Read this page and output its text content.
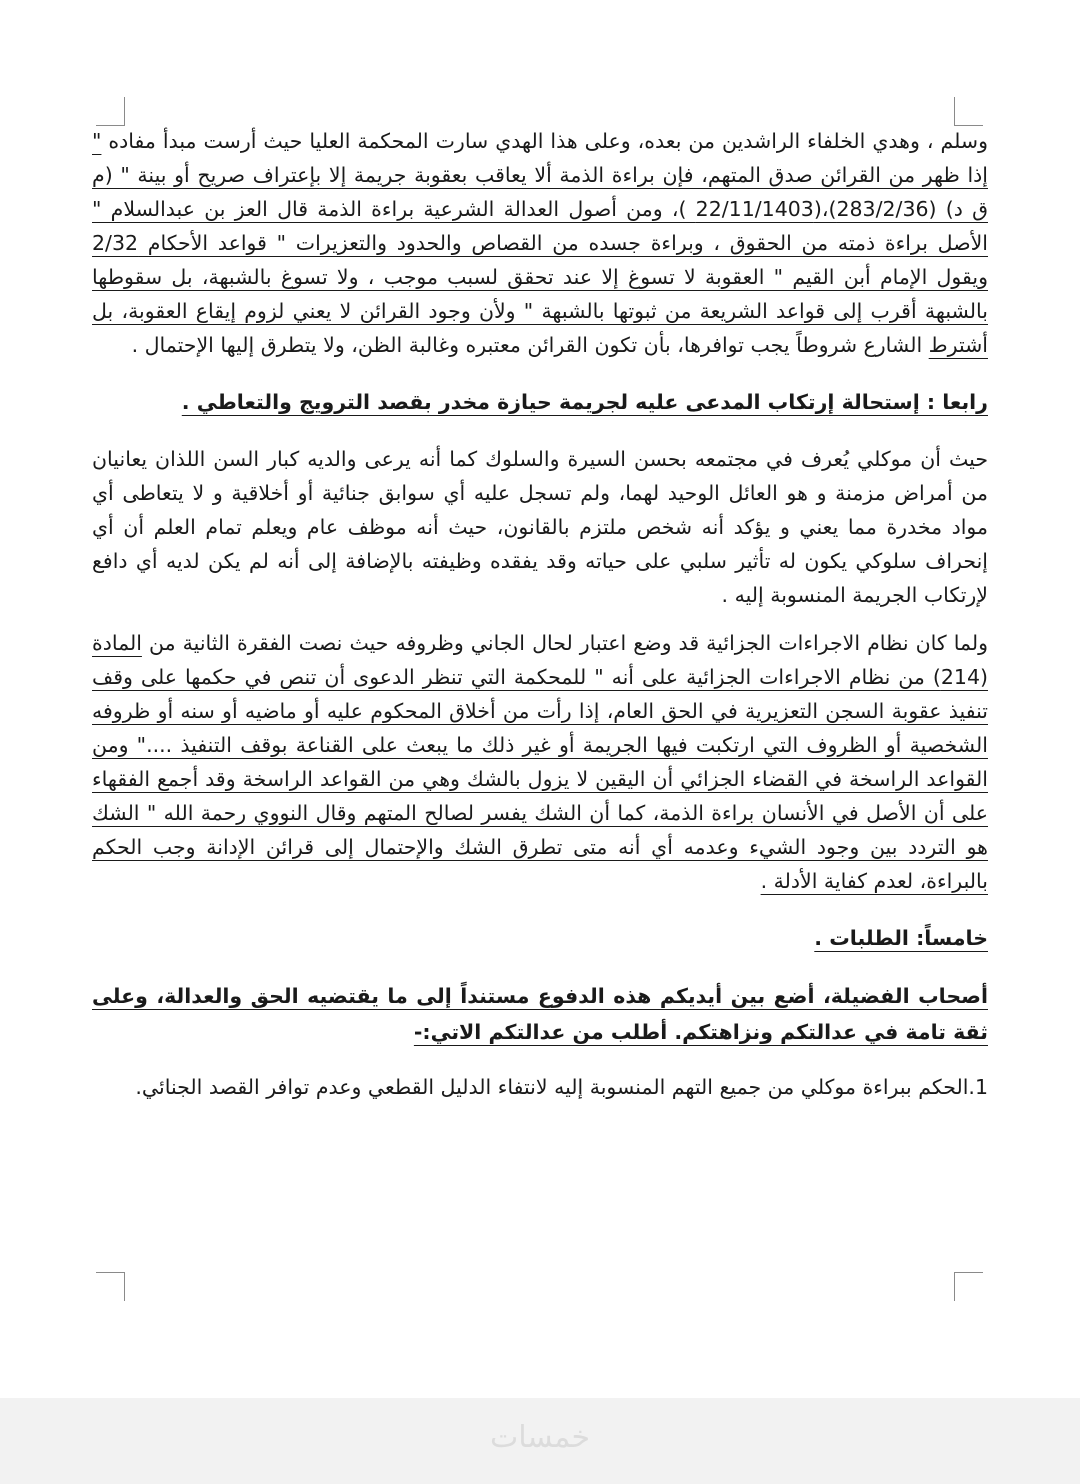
وسلم ، وهدي الخلفاء الراشدين من بعده، وعلى هذا الهدي سارت المحكمة العليا حيث أرست مبدأ مفاده " إذا ظهر من القرائن صدق المتهم، فإن براءة الذمة ألا يعاقب بعقوبة جريمة إلا بإعتراف صريح أو بينة " (م ق د) (283/2/36)،(22/11/1403 )، ومن أصول العدالة الشرعية براءة الذمة قال العز بن عبدالسلام " الأصل براءة ذمته من الحقوق ، وبراءة جسده من القصاص والحدود والتعزيرات " قواعد الأحكام 2/32 ويقول الإمام أبن القيم " العقوبة لا تسوغ إلا عند تحقق لسبب موجب ، ولا تسوغ بالشبهة، بل سقوطها بالشبهة أقرب إلى قواعد الشريعة من ثبوتها بالشبهة " ولأن وجود القرائن لا يعني لزوم إيقاع العقوبة، بل أشترط الشارع شروطاً يجب توافرها، بأن تكون القرائن معتبره وغالبة الظن، ولا يتطرق إليها الإحتمال .

رابعا : إستحالة إرتكاب المدعى عليه لجريمة حيازة مخدر بقصد الترويج والتعاطي .

حيث أن موكلي يُعرف في مجتمعه بحسن السيرة والسلوك كما أنه يرعى والديه كبار السن اللذان يعانيان من أمراض مزمنة و هو العائل الوحيد لهما، ولم تسجل عليه أي سوابق جنائية أو أخلاقية و لا يتعاطى أي مواد مخدرة مما يعني و يؤكد أنه شخص ملتزم بالقانون، حيث أنه موظف عام ويعلم تمام العلم أن أي إنحراف سلوكي يكون له تأثير سلبي على حياته وقد يفقده وظيفته بالإضافة إلى أنه لم يكن لديه أي دافع لإرتكاب الجريمة المنسوبة إليه .

ولما كان نظام الاجراءات الجزائية قد وضع اعتبار لحال الجاني وظروفه حيث نصت الفقرة الثانية من المادة (214) من نظام الاجراءات الجزائية على أنه " للمحكمة التي تنظر الدعوى أن تنص في حكمها على وقف تنفيذ عقوبة السجن التعزيرية في الحق العام، إذا رأت من أخلاق المحكوم عليه أو ماضيه أو سنه أو ظروفه الشخصية أو الظروف التي ارتكبت فيها الجريمة أو غير ذلك ما يبعث على القناعة بوقف التنفيذ ...." ومن القواعد الراسخة في القضاء الجزائي أن اليقين لا يزول بالشك وهي من القواعد الراسخة وقد أجمع الفقهاء على أن الأصل في الأنسان براءة الذمة، كما أن الشك يفسر لصالح المتهم وقال النووي رحمة الله " الشك هو التردد بين وجود الشيء وعدمه أي أنه متى تطرق الشك والإحتمال إلى قرائن الإدانة وجب الحكم بالبراءة، لعدم كفاية الأدلة .

خامساً: الطلبات .

أصحاب الفضيلة، أضع بين أيديكم هذه الدفوع مستنداً إلى ما يقتضيه الحق والعدالة، وعلى ثقة تامة في عدالتكم ونزاهتكم. أطلب من عدالتكم الاتي:-

1.الحكم ببراءة موكلي من جميع التهم المنسوبة إليه لانتفاء الدليل القطعي وعدم توافر القصد الجنائي.
خمسات
